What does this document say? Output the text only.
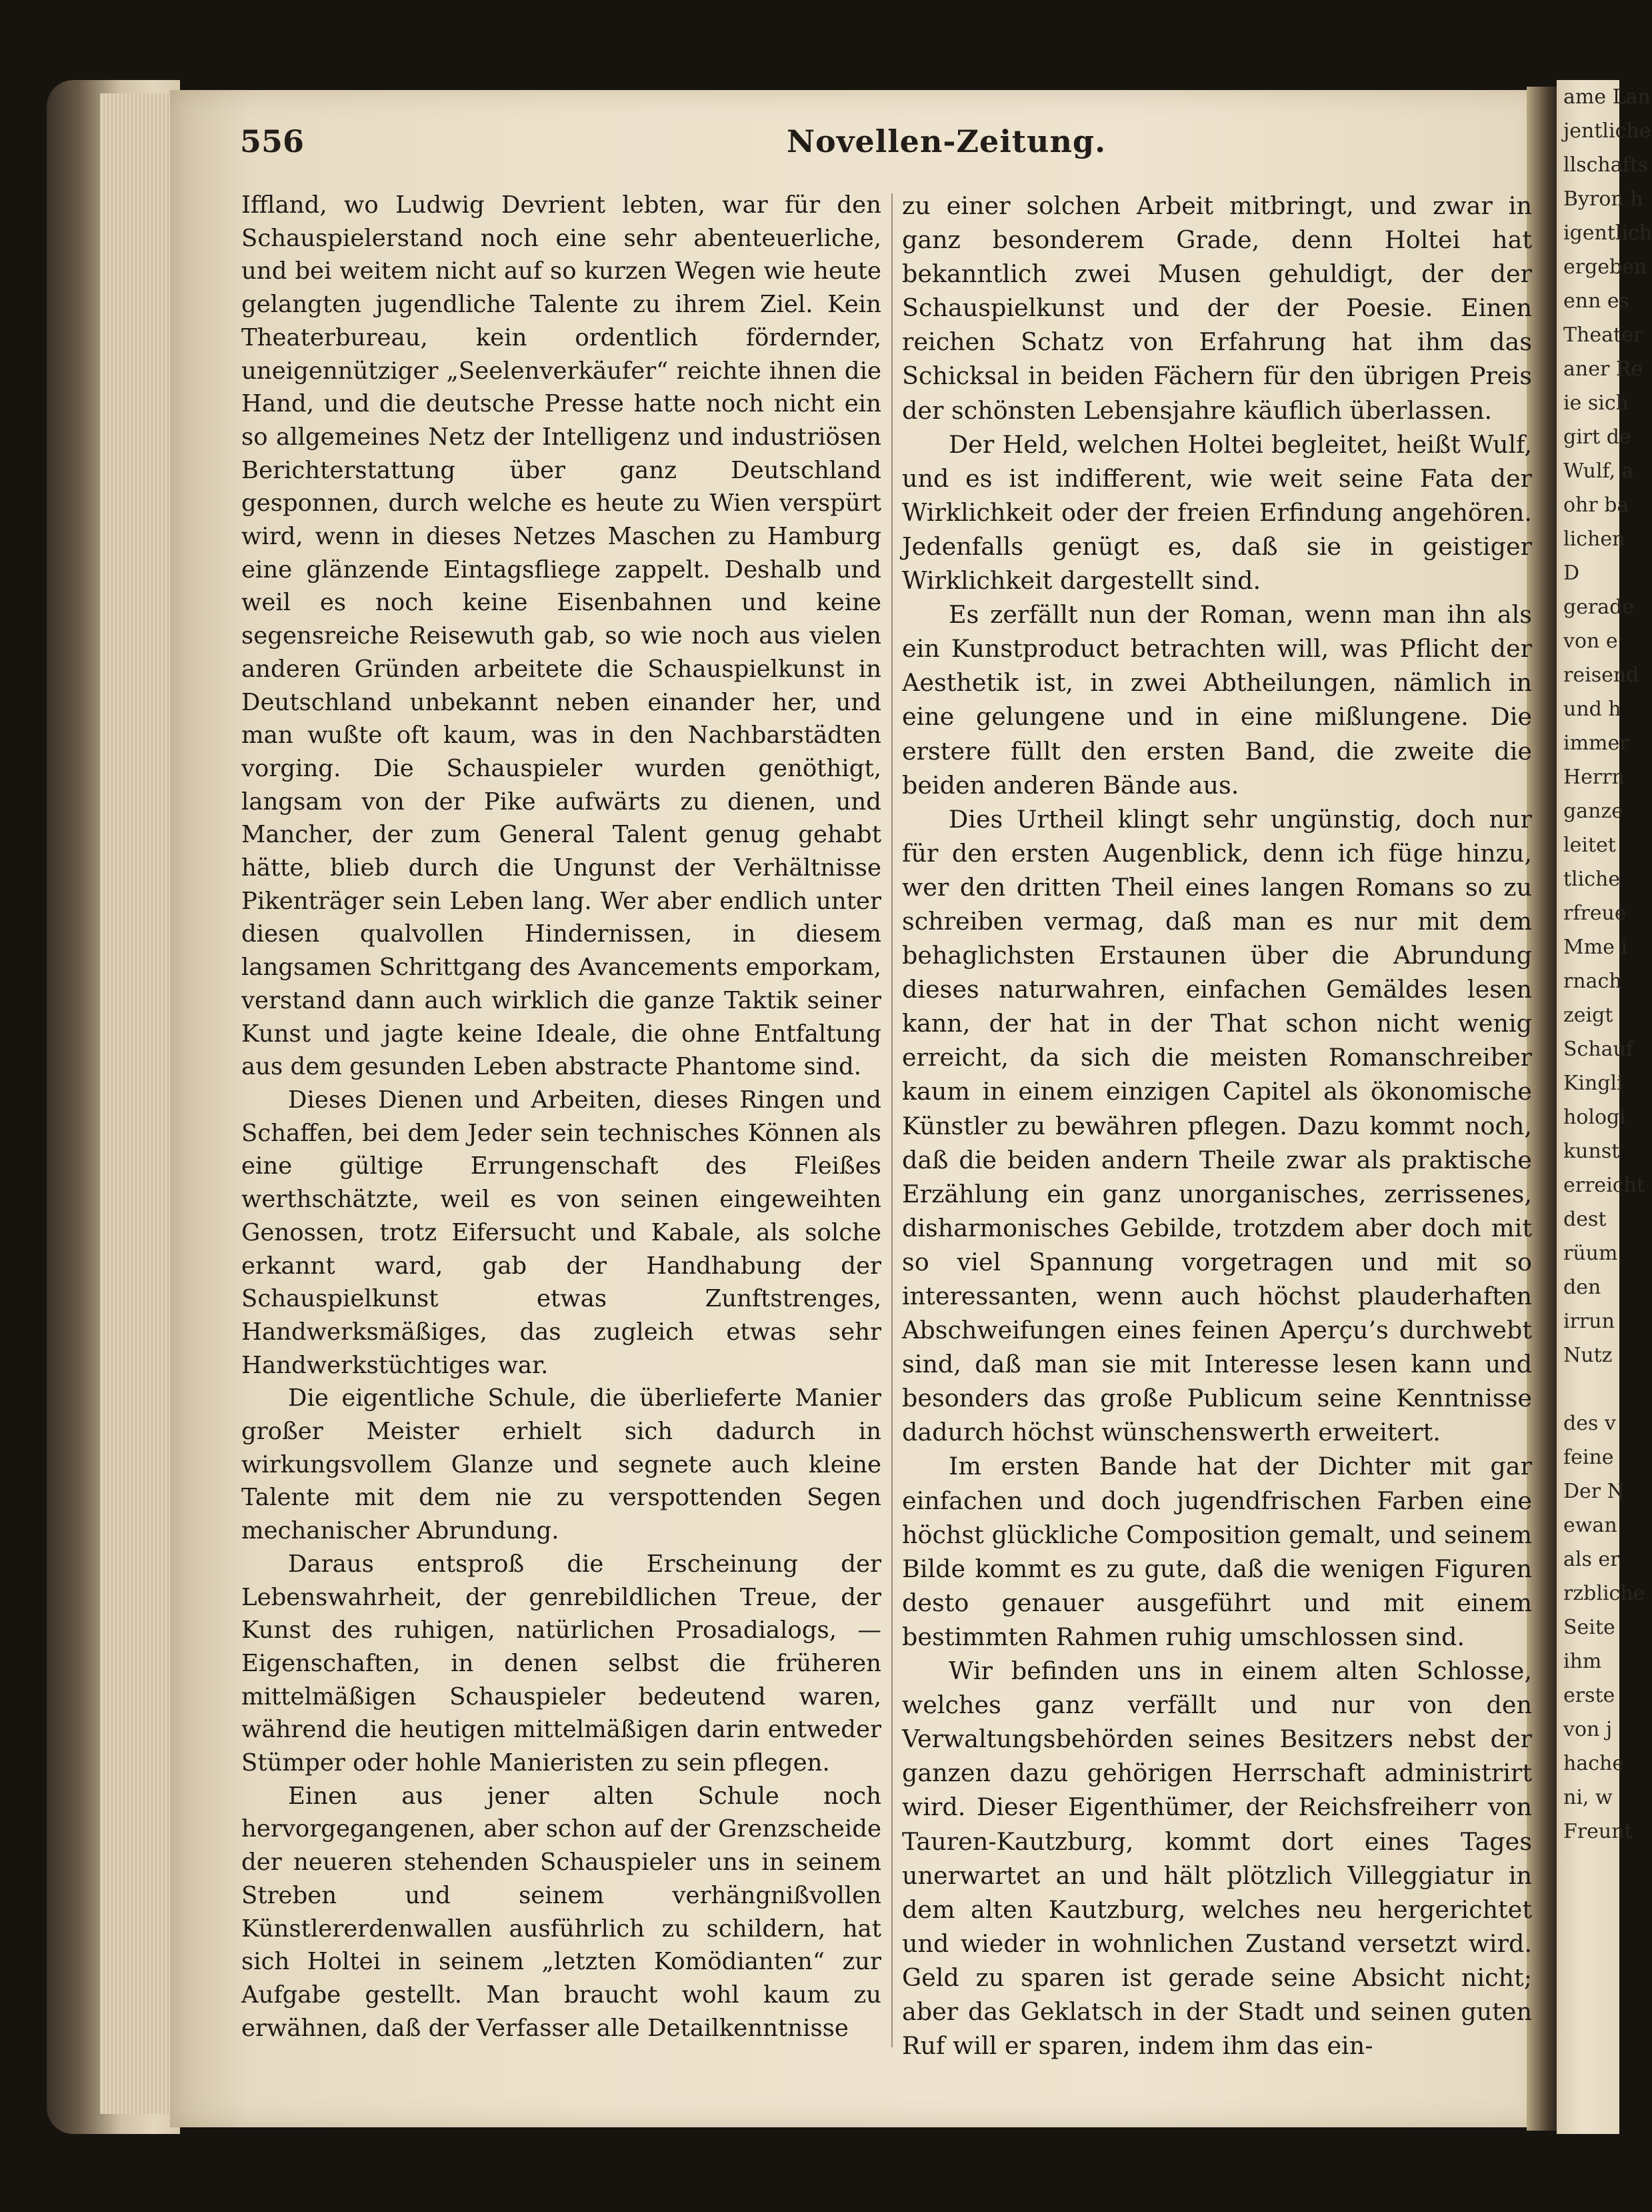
ame Lan
jentliche
llschafts
Byron h
igentlich
ergeben
enn es
Theater
aner Re
ie sich
girt de
Wulf, a
ohr ba
lichen
D
gerade
von e
reisend
und h
immer
Herrn
ganze
leitet
tliche
rfreue
Mme i
rnach
zeigt
Schauf
Kingli
hologi
kunst
erreicht
dest
rüum
den
irrun
Nutz
des v
feine
Der N
ewan
als er
rzbliche
Seite
ihm
erste
von j
hache
ni, w
Freunt
556	Novellen-Zeitung.

Iffland, wo Ludwig Devrient lebten, war für den Schauspielerstand noch eine sehr abenteuerliche, und bei weitem nicht auf so kurzen Wegen wie heute gelangten jugendliche Talente zu ihrem Ziel. Kein Theaterbureau, kein ordentlich fördernder, uneigennütziger „Seelenverkäufer“ reichte ihnen die Hand, und die deutsche Presse hatte noch nicht ein so allgemeines Netz der Intelligenz und industriösen Berichterstattung über ganz Deutschland gesponnen, durch welche es heute zu Wien verspürt wird, wenn in dieses Netzes Maschen zu Hamburg eine glänzende Eintagsfliege zappelt. Deshalb und weil es noch keine Eisenbahnen und keine segensreiche Reisewuth gab, so wie noch aus vielen anderen Gründen arbeitete die Schauspielkunst in Deutschland unbekannt neben einander her, und man wußte oft kaum, was in den Nachbarstädten vorging. Die Schauspieler wurden genöthigt, langsam von der Pike aufwärts zu dienen, und Mancher, der zum General Talent genug gehabt hätte, blieb durch die Ungunst der Verhältnisse Pikenträger sein Leben lang. Wer aber endlich unter diesen qualvollen Hindernissen, in diesem langsamen Schrittgang des Avancements emporkam, verstand dann auch wirklich die ganze Taktik seiner Kunst und jagte keine Ideale, die ohne Entfaltung aus dem gesunden Leben abstracte Phantome sind.

Dieses Dienen und Arbeiten, dieses Ringen und Schaffen, bei dem Jeder sein technisches Können als eine gültige Errungenschaft des Fleißes werthschätzte, weil es von seinen eingeweihten Genossen, trotz Eifersucht und Kabale, als solche erkannt ward, gab der Handhabung der Schauspielkunst etwas Zunftstrenges, Handwerksmäßiges, das zugleich etwas sehr Handwerkstüchtiges war.

Die eigentliche Schule, die überlieferte Manier großer Meister erhielt sich dadurch in wirkungsvollem Glanze und segnete auch kleine Talente mit dem nie zu verspottenden Segen mechanischer Abrundung.

Daraus entsproß die Erscheinung der Lebenswahrheit, der genrebildlichen Treue, der Kunst des ruhigen, natürlichen Prosadialogs, — Eigenschaften, in denen selbst die früheren mittelmäßigen Schauspieler bedeutend waren, während die heutigen mittelmäßigen darin entweder Stümper oder hohle Manieristen zu sein pflegen.

Einen aus jener alten Schule noch hervorgegangenen, aber schon auf der Grenzscheide der neueren stehenden Schauspieler uns in seinem Streben und seinem verhängnißvollen Künstlererdenwallen ausführlich zu schildern, hat sich Holtei in seinem „letzten Komödianten“ zur Aufgabe gestellt. Man braucht wohl kaum zu erwähnen, daß der Verfasser alle Detailkenntnisse

zu einer solchen Arbeit mitbringt, und zwar in ganz besonderem Grade, denn Holtei hat bekanntlich zwei Musen gehuldigt, der der Schauspielkunst und der der Poesie. Einen reichen Schatz von Erfahrung hat ihm das Schicksal in beiden Fächern für den übrigen Preis der schönsten Lebensjahre käuflich überlassen.

Der Held, welchen Holtei begleitet, heißt Wulf, und es ist indifferent, wie weit seine Fata der Wirklichkeit oder der freien Erfindung angehören. Jedenfalls genügt es, daß sie in geistiger Wirklichkeit dargestellt sind.

Es zerfällt nun der Roman, wenn man ihn als ein Kunstproduct betrachten will, was Pflicht der Aesthetik ist, in zwei Abtheilungen, nämlich in eine gelungene und in eine mißlungene. Die erstere füllt den ersten Band, die zweite die beiden anderen Bände aus.

Dies Urtheil klingt sehr ungünstig, doch nur für den ersten Augenblick, denn ich füge hinzu, wer den dritten Theil eines langen Romans so zu schreiben vermag, daß man es nur mit dem behaglichsten Erstaunen über die Abrundung dieses naturwahren, einfachen Gemäldes lesen kann, der hat in der That schon nicht wenig erreicht, da sich die meisten Romanschreiber kaum in einem einzigen Capitel als ökonomische Künstler zu bewähren pflegen. Dazu kommt noch, daß die beiden andern Theile zwar als praktische Erzählung ein ganz unorganisches, zerrissenes, disharmonisches Gebilde, trotzdem aber doch mit so viel Spannung vorgetragen und mit so interessanten, wenn auch höchst plauderhaften Abschweifungen eines feinen Aperçu’s durchwebt sind, daß man sie mit Interesse lesen kann und besonders das große Publicum seine Kenntnisse dadurch höchst wünschenswerth erweitert.

Im ersten Bande hat der Dichter mit gar einfachen und doch jugendfrischen Farben eine höchst glückliche Composition gemalt, und seinem Bilde kommt es zu gute, daß die wenigen Figuren desto genauer ausgeführt und mit einem bestimmten Rahmen ruhig umschlossen sind.

Wir befinden uns in einem alten Schlosse, welches ganz verfällt und nur von den Verwaltungsbehörden seines Besitzers nebst der ganzen dazu gehörigen Herrschaft administrirt wird. Dieser Eigenthümer, der Reichsfreiherr von Tauren-Kautzburg, kommt dort eines Tages unerwartet an und hält plötzlich Villeggiatur in dem alten Kautzburg, welches neu hergerichtet und wieder in wohnlichen Zustand versetzt wird. Geld zu sparen ist gerade seine Absicht nicht; aber das Geklatsch in der Stadt und seinen guten Ruf will er sparen, indem ihm das ein-
